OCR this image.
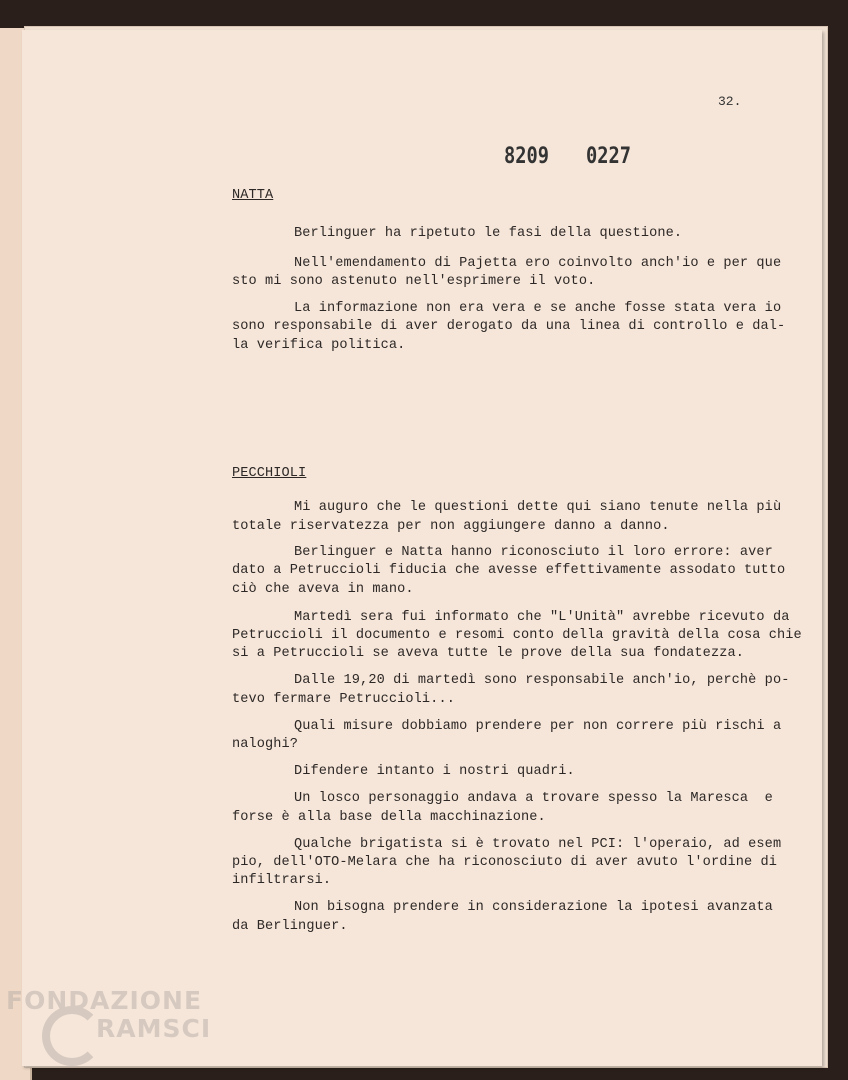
32.
8209 0227
NATTA
Berlinguer ha ripetuto le fasi della questione.
Nell'emendamento di Pajetta ero coinvolto anch'io e per que
sto mi sono astenuto nell'esprimere il voto.
La informazione non era vera e se anche fosse stata vera io
sono responsabile di aver derogato da una linea di controllo e dal-
la verifica politica.
PECCHIOLI
Mi auguro che le questioni dette qui siano tenute nella più
totale riservatezza per non aggiungere danno a danno.
Berlinguer e Natta hanno riconosciuto il loro errore: aver
dato a Petruccioli fiducia che avesse effettivamente assodato tutto
ciò che aveva in mano.
Martedì sera fui informato che "L'Unità" avrebbe ricevuto da
Petruccioli il documento e resomi conto della gravità della cosa chie
si a Petruccioli se aveva tutte le prove della sua fondatezza.
Dalle 19,20 di martedì sono responsabile anch'io, perchè po-
tevo fermare Petruccioli...
Quali misure dobbiamo prendere per non correre più rischi a
naloghi?
Difendere intanto i nostri quadri.
Un losco personaggio andava a trovare spesso la Maresca  e
forse è alla base della macchinazione.
Qualche brigatista si è trovato nel PCI: l'operaio, ad esem
pio, dell'OTO-Melara che ha riconosciuto di aver avuto l'ordine di
infiltrarsi.
Non bisogna prendere in considerazione la ipotesi avanzata
da Berlinguer.
FONDAZIONE
RAMSCI
